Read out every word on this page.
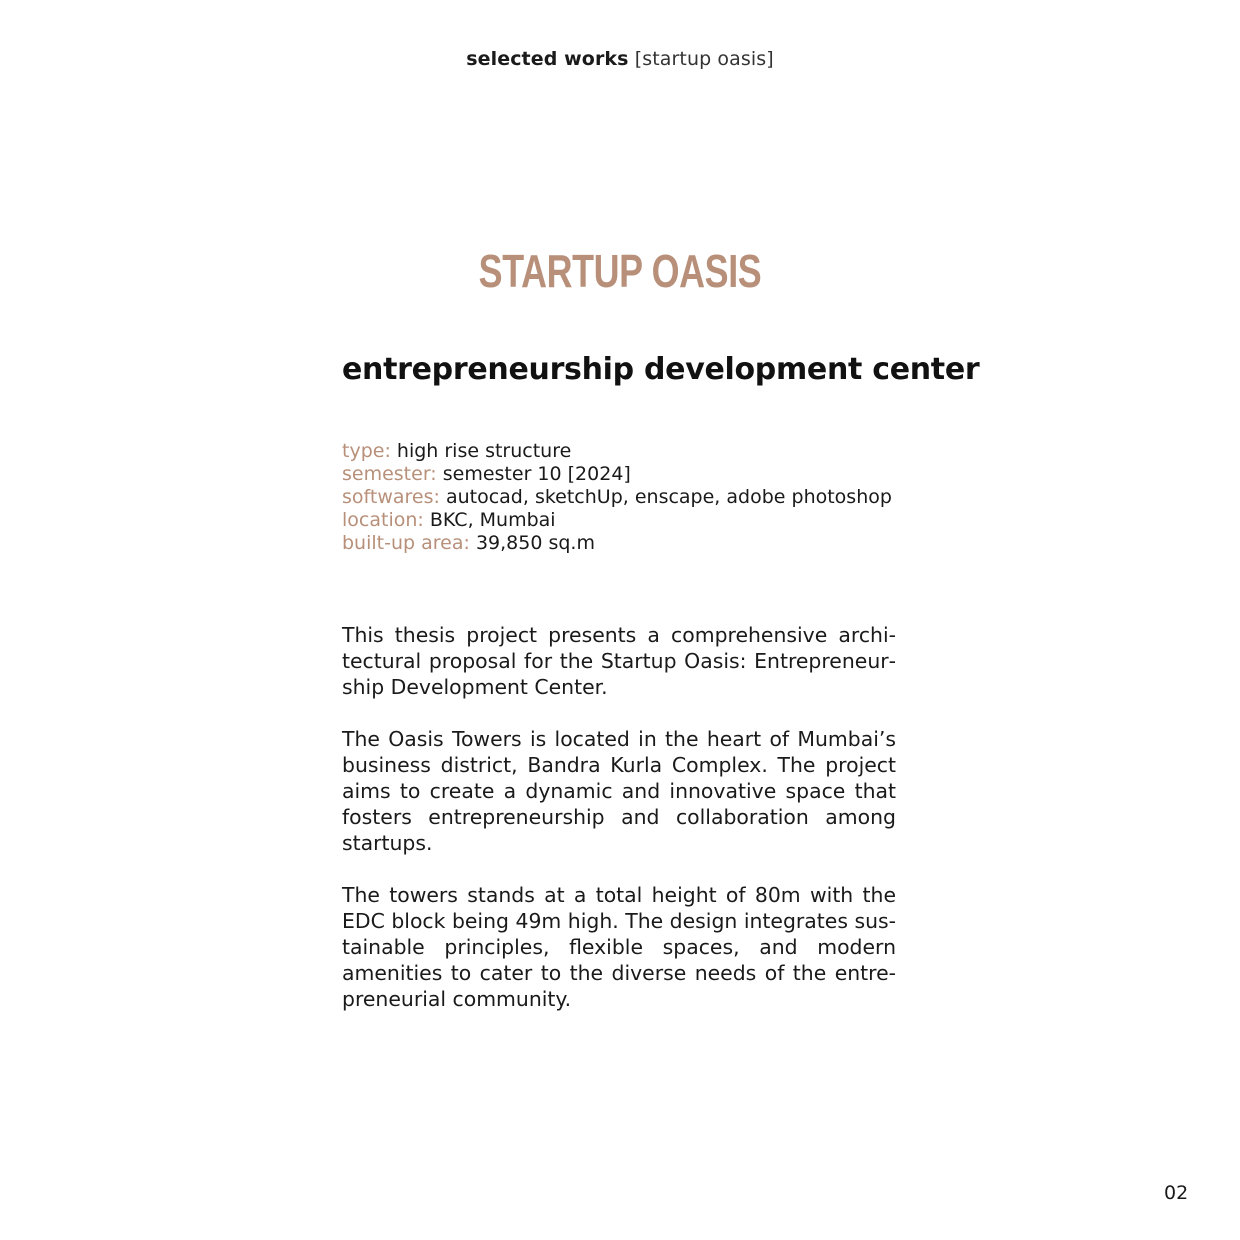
selected works [startup oasis]
STARTUP OASIS
entrepreneurship development center
type: high rise structure
semester: semester 10 [2024]
softwares: autocad, sketchUp, enscape, adobe photoshop
location: BKC, Mumbai
built-up area: 39,850 sq.m

This thesis project presents a comprehensive architectural proposal for the Startup Oasis: Entrepreneurship Development Center.

The Oasis Towers is located in the heart of Mumbai’s business district, Bandra Kurla Complex. The project aims to create a dynamic and innovative space that fosters entrepreneurship and collaboration among startups.

The towers stands at a total height of 80m with the EDC block being 49m high. The design integrates sustainable principles, flexible spaces, and modern amenities to cater to the diverse needs of the entrepreneurial community.

02
